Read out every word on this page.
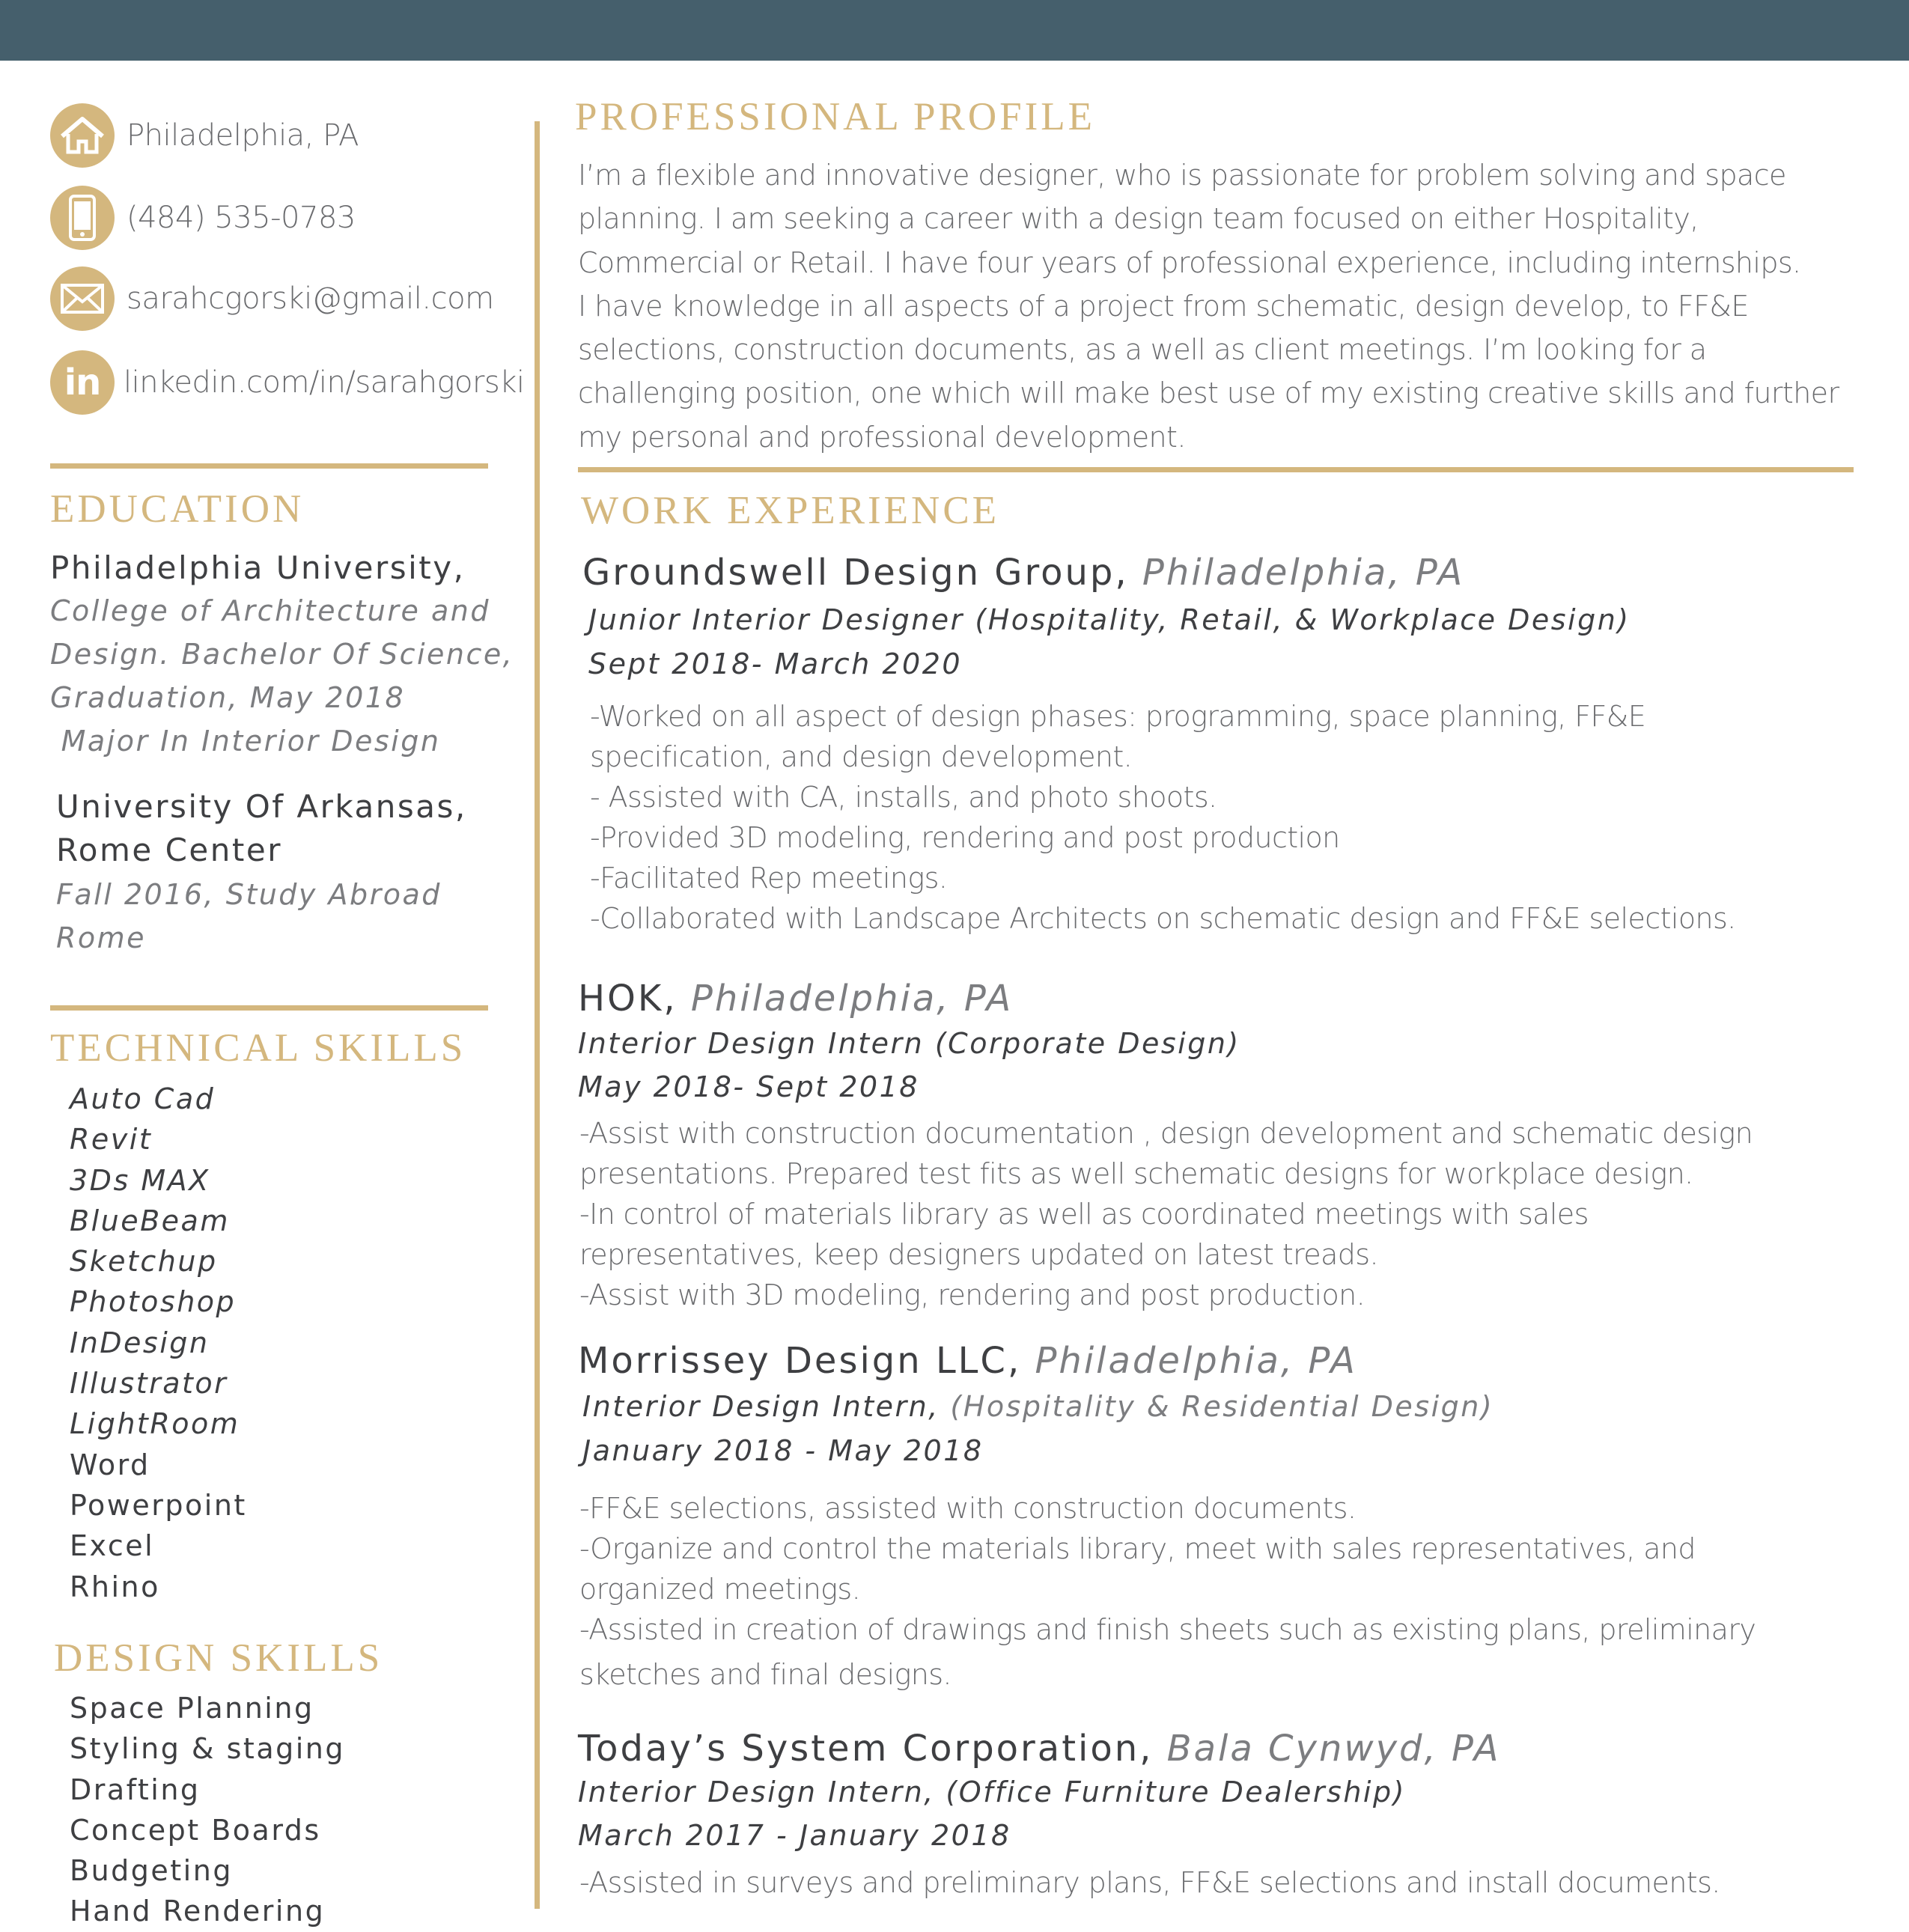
Philadelphia, PA
(484) 535-0783
sarahcgorski@gmail.com
in linkedin.com/in/sarahgorski
EDUCATION
Philadelphia University,
College of Architecture and
Design. Bachelor Of Science,
Graduation, May 2018
Major In Interior Design
University Of Arkansas,
Rome Center
Fall 2016, Study Abroad
Rome
TECHNICAL SKILLS
Auto Cad
Revit
3Ds MAX
BlueBeam
Sketchup
Photoshop
InDesign
Illustrator
LightRoom
Word
Powerpoint
Excel
Rhino
DESIGN SKILLS
Space Planning
Styling & staging
Drafting
Concept Boards
Budgeting
Hand Rendering
PROFESSIONAL PROFILE

I’m a flexible and innovative designer, who is passionate for problem solving and space

planning. I am seeking a career with a design team focused on either Hospitality,

Commercial or Retail. I have four years of professional experience, including internships.

I have knowledge in all aspects of a project from schematic, design develop, to FF&E

selections, construction documents, as a well as client meetings. I’m looking for a

challenging position, one which will make best use of my existing creative skills and further

my personal and professional development.

WORK EXPERIENCE
Groundswell Design Group, Philadelphia, PA
Junior Interior Designer (Hospitality, Retail, & Workplace Design)
Sept 2018- March 2020

-Worked on all aspect of design phases: programming, space planning, FF&E

specification, and design development.

- Assisted with CA, installs, and photo shoots.

-Provided 3D modeling, rendering and post production

-Facilitated Rep meetings.

-Collaborated with Landscape Architects on schematic design and FF&E selections.

HOK, Philadelphia, PA
Interior Design Intern (Corporate Design)
May 2018- Sept 2018

-Assist with construction documentation , design development and schematic design

presentations. Prepared test fits as well schematic designs for workplace design.

-In control of materials library as well as coordinated meetings with sales

representatives, keep designers updated on latest treads.

-Assist with 3D modeling, rendering and post production.

Morrissey Design LLC, Philadelphia, PA
Interior Design Intern, (Hospitality & Residential Design)
January 2018 - May 2018

-FF&E selections, assisted with construction documents.

-Organize and control the materials library, meet with sales representatives, and

organized meetings.

-Assisted in creation of drawings and finish sheets such as existing plans, preliminary

sketches and final designs.

Today’s System Corporation, Bala Cynwyd, PA
Interior Design Intern, (Office Furniture Dealership)
March 2017 - January 2018

-Assisted in surveys and preliminary plans, FF&E selections and install documents.
